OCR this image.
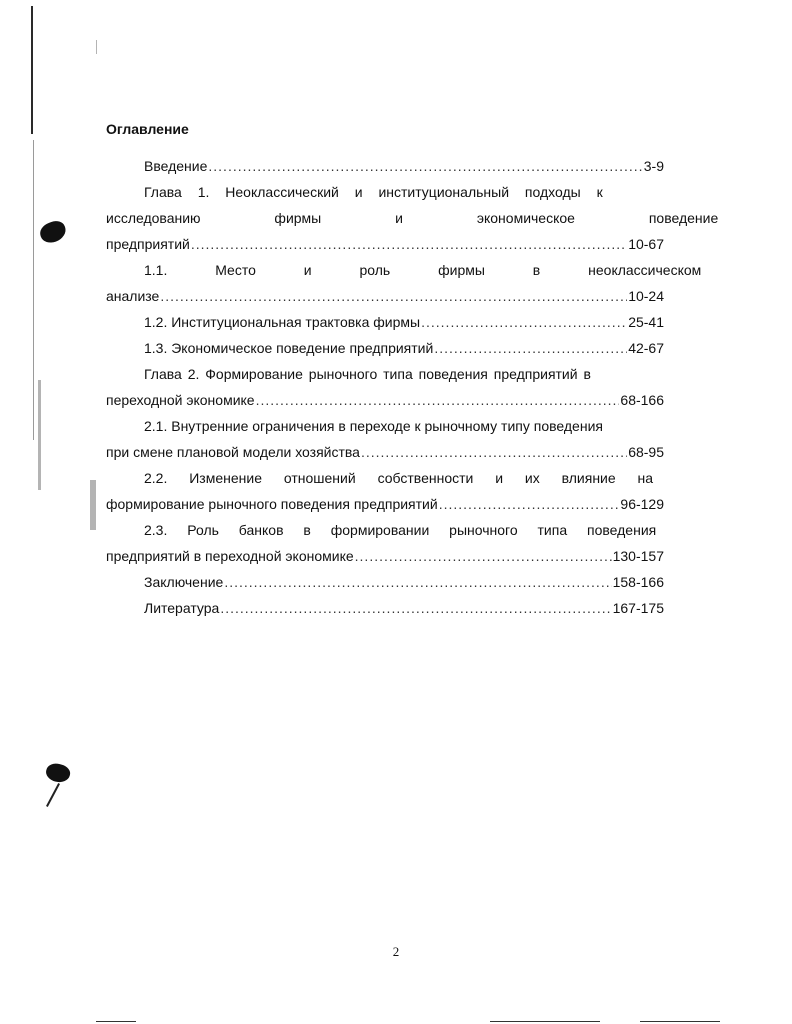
Оглавление
Введение .....	3-9
Глава 1. Неоклассический и институциональный подходы к
исследованию фирмы и экономическое поведение
предприятий .....	10-67
1.1. Место и роль фирмы в неоклассическом
анализе .....	10-24
1.2. Институциональная трактовка фирмы .....	25-41
1.3. Экономическое поведение предприятий .....	42-67
Глава 2. Формирование рыночного типа поведения предприятий в
переходной экономике .....	68-166
2.1. Внутренние ограничения в переходе к рыночному типу поведения
при смене плановой модели хозяйства .....	68-95
2.2. Изменение отношений собственности и их влияние на
формирование рыночного поведения предприятий .....	96-129
2.3. Роль банков в формировании рыночного типа поведения
предприятий в переходной экономике .....	130-157
Заключение .....	158-166
Литература .....	167-175

2
